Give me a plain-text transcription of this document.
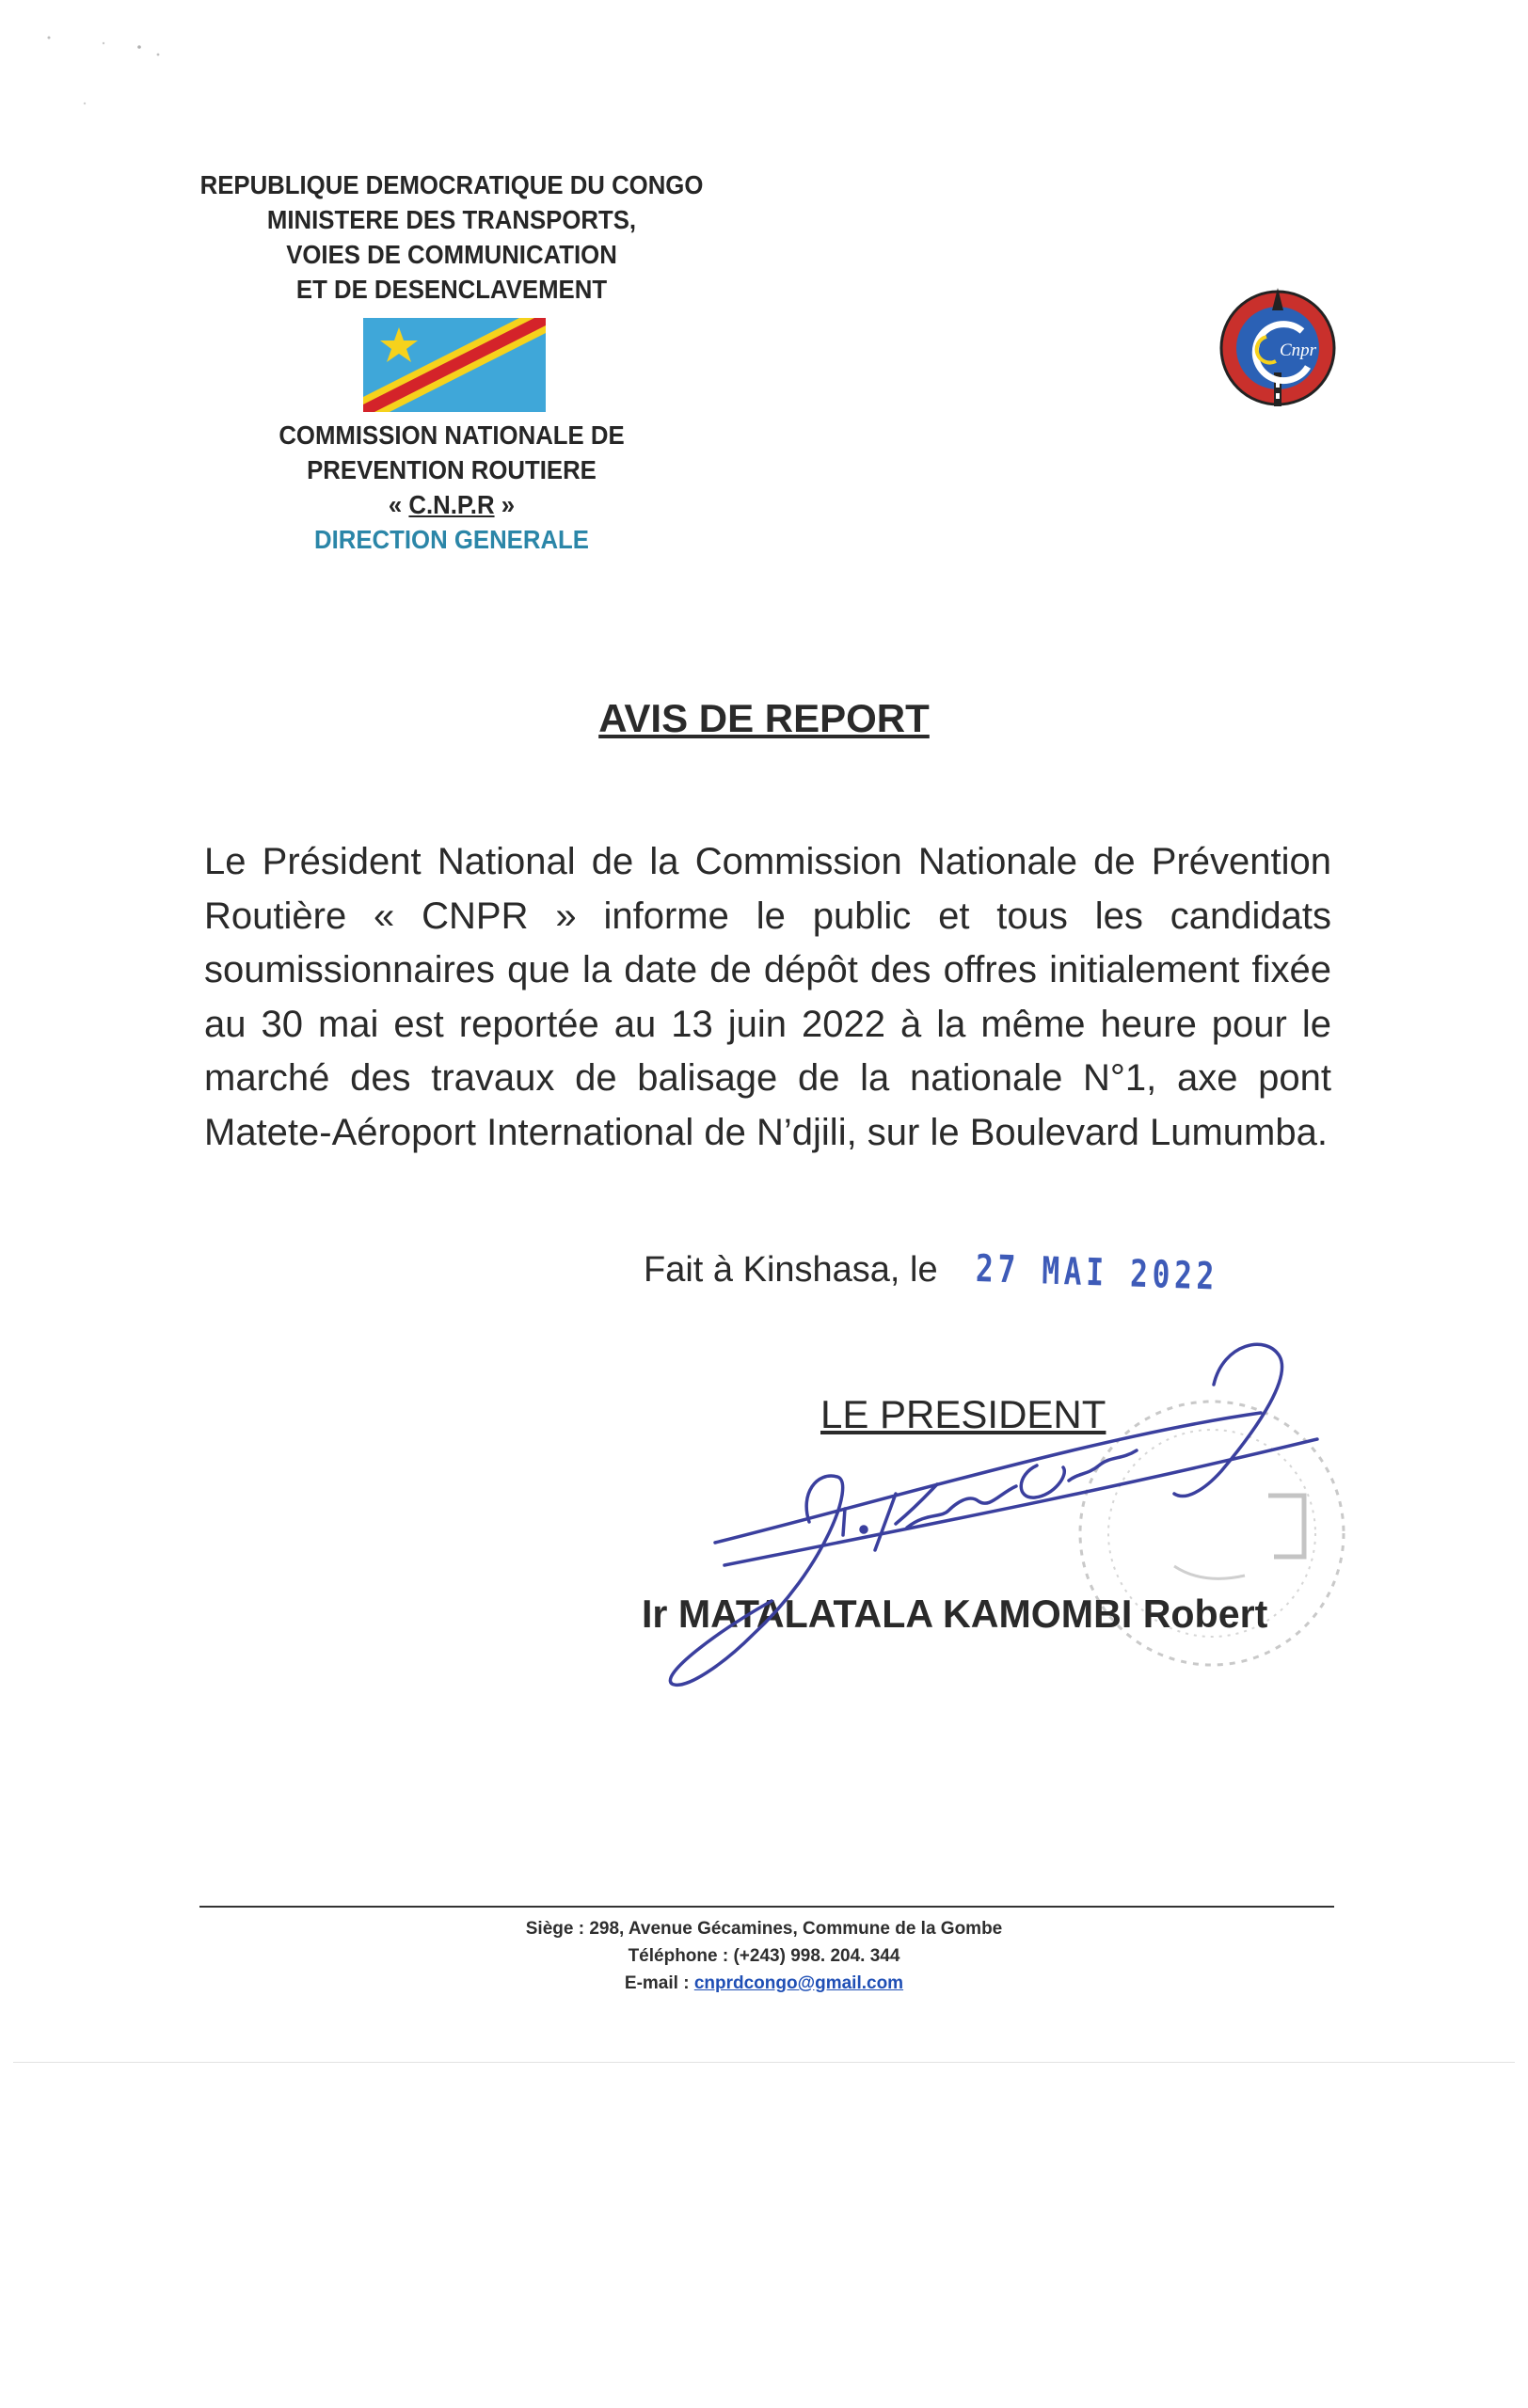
REPUBLIQUE DEMOCRATIQUE DU CONGO
MINISTERE DES TRANSPORTS,
VOIES DE COMMUNICATION
ET DE DESENCLAVEMENT
COMMISSION NATIONALE DE
PREVENTION ROUTIERE
« C.N.P.R »
DIRECTION GENERALE
Cnpr
AVIS DE REPORT
Le Président National de la Commission Nationale de Prévention Routière « CNPR » informe le public et tous les candidats soumissionnaires que la date de dépôt des offres initialement fixée au 30 mai est reportée au 13 juin 2022 à la même heure pour le marché des travaux de balisage de la nationale N°1, axe pont Matete-Aéroport International de N’djili, sur le Boulevard Lumumba.
Fait à Kinshasa, le 27 MAI 2022
LE PRESIDENT
Ir MATALATALA KAMOMBI Robert
Siège : 298, Avenue Gécamines, Commune de la Gombe
Téléphone : (+243) 998. 204. 344
E-mail : cnprdcongo@gmail.com
